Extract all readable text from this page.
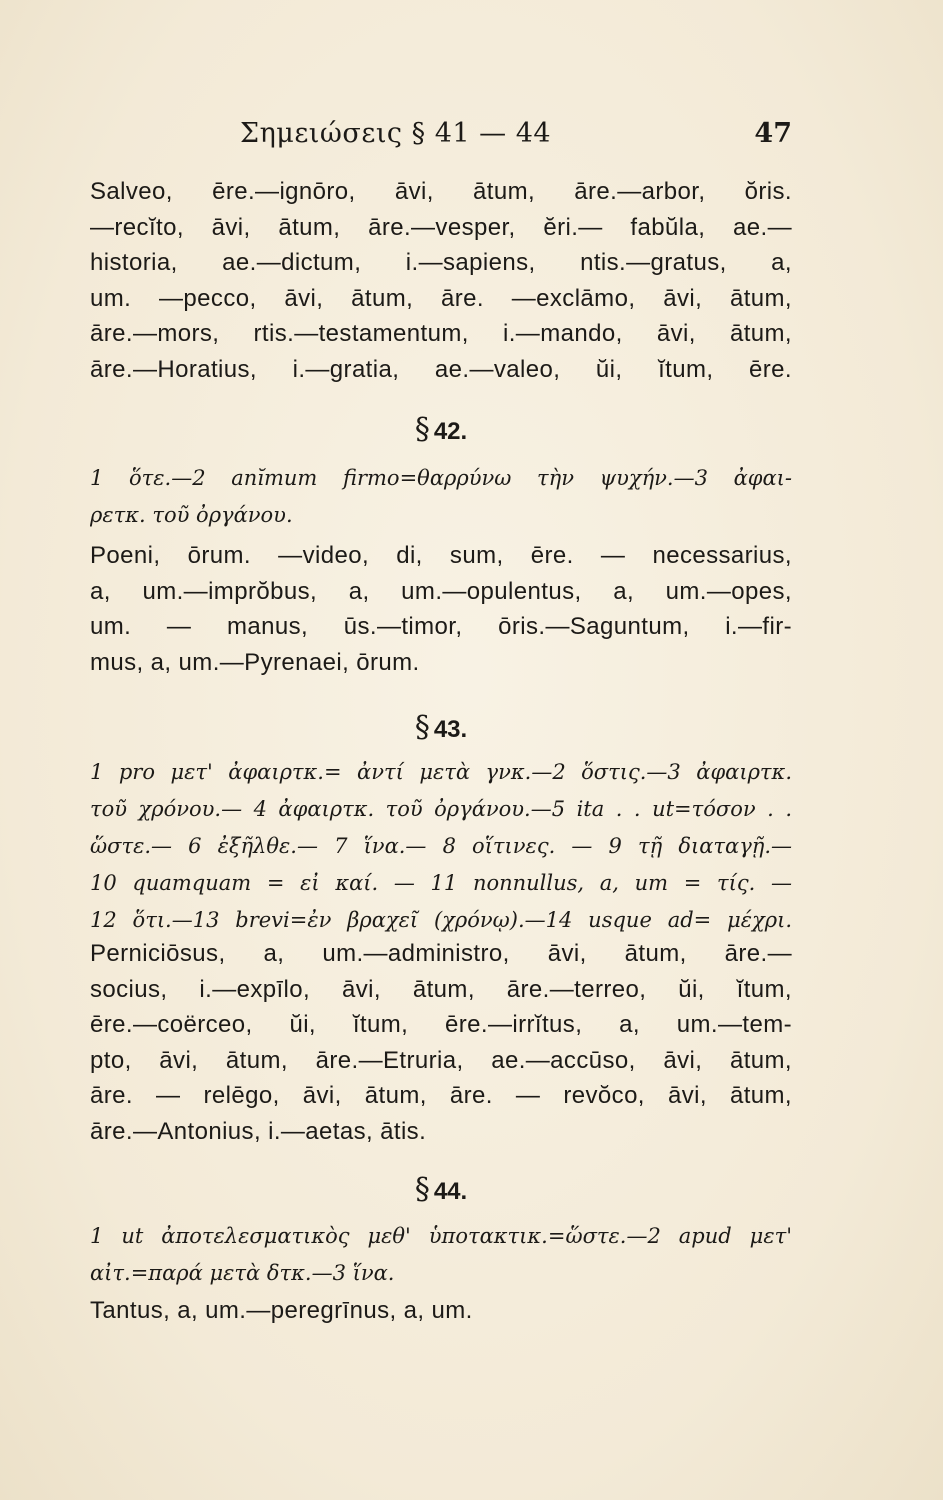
Σημειώσεις § 41 — 44	47
Salveo, ēre.—ignōro, āvi, ātum, āre.—arbor, ŏris.
—recĭto, āvi, ātum, āre.—vesper, ĕri.— fabŭla, ae.—
historia, ae.—dictum, i.—sapiens, ntis.—gratus, a,
um. —pecco, āvi, ātum, āre. —exclāmo, āvi, ātum,
āre.—mors, rtis.—testamentum, i.—mando, āvi, ātum,
āre.—Horatius, i.—gratia, ae.—valeo, ŭi, ĭtum, ēre.
§ 42.
1 ὅτε.—2 anĭmum firmo=θαρρύνω τὴν ψυχήν.—3 ἀφαι-
ρετκ. τοῦ ὀργάνου.
Poeni, ōrum. —video, di, sum, ēre. — necessarius,
a, um.—imprŏbus, a, um.—opulentus, a, um.—opes,
um. — manus, ūs.—timor, ōris.—Saguntum, i.—fir-
mus, a, um.—Pyrenaei, ōrum.
§ 43.
1 pro μετ' ἀφαιρτκ.= ἀντί μετὰ γνκ.—2 ὅστις.—3 ἀφαιρτκ.
τοῦ χρόνου.— 4 ἀφαιρτκ. τοῦ ὀργάνου.—5 ita . . ut=τόσον . .
ὥστε.— 6 ἐξῆλθε.— 7 ἵνα.— 8 οἵτινες. — 9 τῇ διαταγῇ.—
10 quamquam = εἰ καί. — 11 nonnullus, a, um = τίς. —
12 ὅτι.—13 brevi=ἐν βραχεῖ (χρόνῳ).—14 usque ad= μέχρι.
Perniciōsus, a, um.—administro, āvi, ātum, āre.—
socius, i.—expīlo, āvi, ātum, āre.—terreo, ŭi, ĭtum,
ēre.—coërceo, ŭi, ĭtum, ēre.—irrĭtus, a, um.—tem-
pto, āvi, ātum, āre.—Etruria, ae.—accūso, āvi, ātum,
āre. — relēgo, āvi, ātum, āre. — revŏco, āvi, ātum,
āre.—Antonius, i.—aetas, ātis.
§ 44.
1 ut ἀποτελεσματικὸς μεθ' ὑποτακτικ.=ὥστε.—2 apud μετ'
αἰτ.=παρά μετὰ δτκ.—3 ἵνα.
Tantus, a, um.—peregrīnus, a, um.
